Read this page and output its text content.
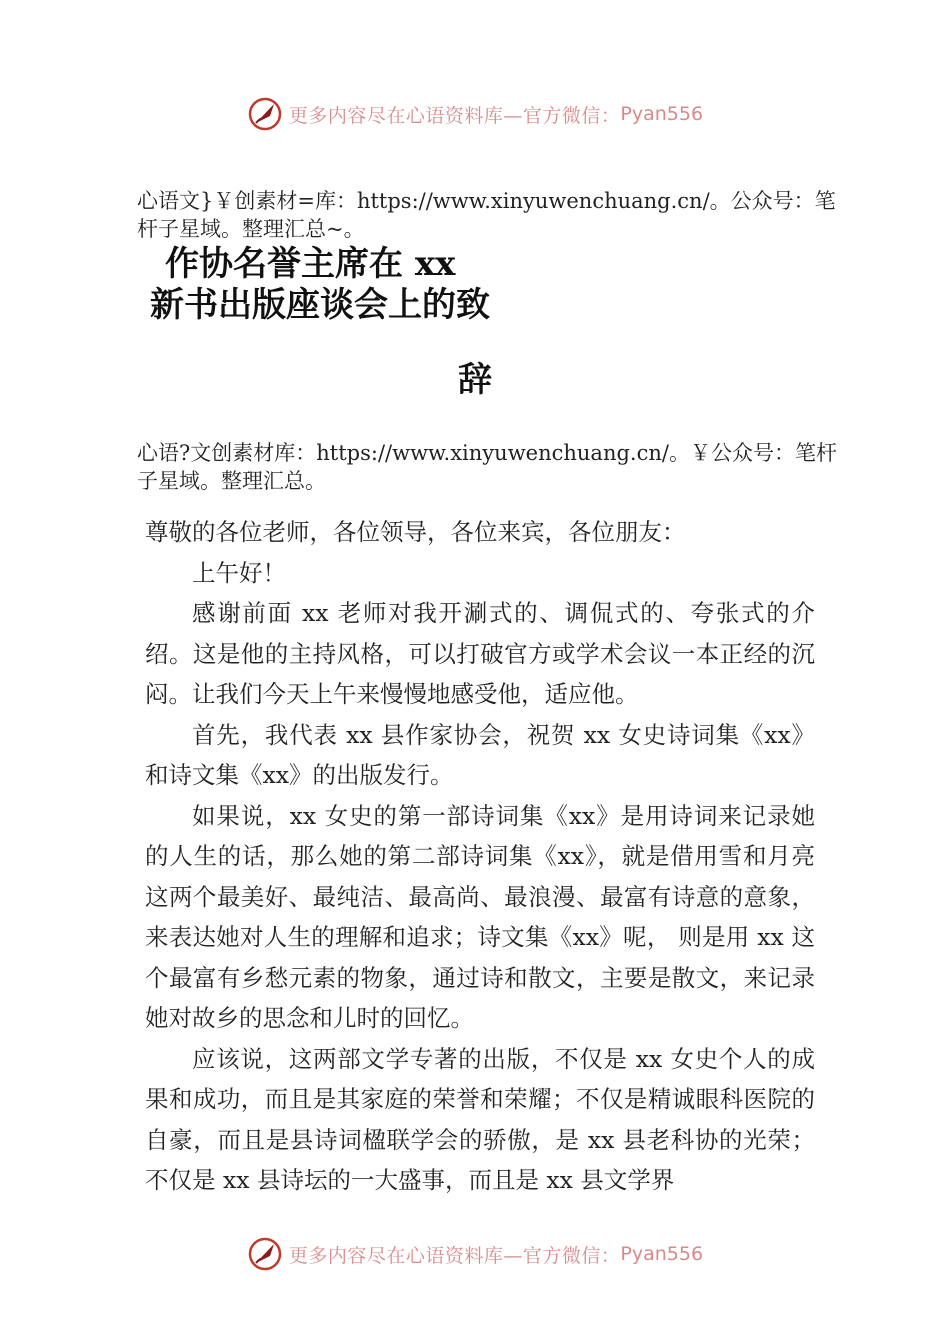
更多内容尽在心语资料库—官方微信： Pyan556
心语文}￥创素材=库：https://www.xinyuwenchuang.cn/。公众号：笔杆子星域。整理汇总~。
作协名誉主席在 xx
新书出版座谈会上的致
辞
心语?文创素材库：https://www.xinyuwenchuang.cn/。￥公众号：笔杆子星域。整理汇总。

尊敬的各位老师，各位领导，各位来宾，各位朋友：

上午好！

感谢前面 xx 老师对我开涮式的、调侃式的、夸张式的介绍。这是他的主持风格，可以打破官方或学术会议一本正经的沉闷。让我们今天上午来慢慢地感受他，适应他。

首先，我代表 xx 县作家协会，祝贺 xx 女史诗词集《xx》和诗文集《xx》的出版发行。

如果说，xx 女史的第一部诗词集《xx》是用诗词来记录她的人生的话，那么她的第二部诗词集《xx》，就是借用雪和月亮这两个最美好、最纯洁、最高尚、最浪漫、最富有诗意的意象，来表达她对人生的理解和追求；诗文集《xx》呢， 则是用 xx 这个最富有乡愁元素的物象，通过诗和散文，主要是散文，来记录她对故乡的思念和儿时的回忆。

应该说，这两部文学专著的出版，不仅是 xx 女史个人的成果和成功，而且是其家庭的荣誉和荣耀；不仅是精诚眼科医院的自豪，而且是县诗词楹联学会的骄傲，是 xx 县老科协的光荣；不仅是 xx 县诗坛的一大盛事，而且是 xx 县文学界

更多内容尽在心语资料库—官方微信： Pyan556
